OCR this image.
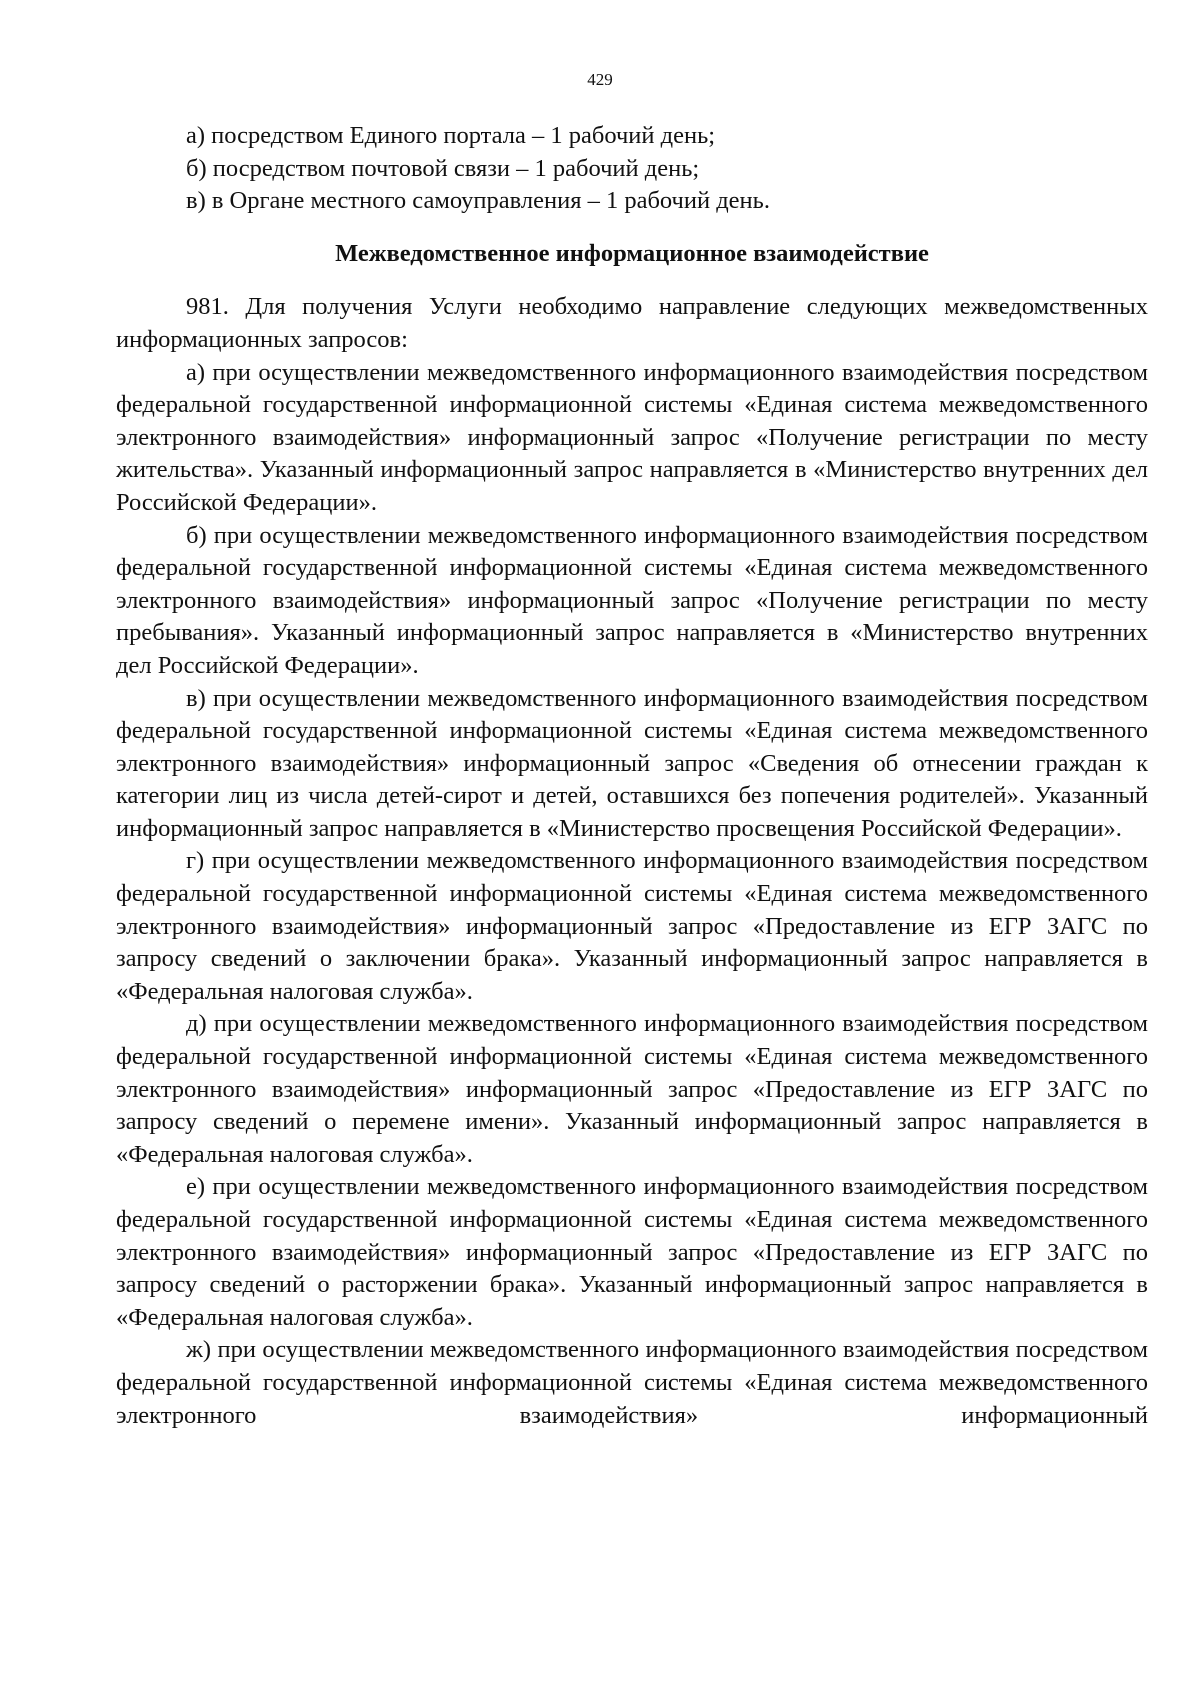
429

а) посредством Единого портала – 1 рабочий день;

б) посредством почтовой связи – 1 рабочий день;

в) в Органе местного самоуправления – 1 рабочий день.

Межведомственное информационное взаимодействие

981. Для получения Услуги необходимо направление следующих межведомственных информационных запросов:

а) при осуществлении межведомственного информационного взаимодействия посредством федеральной государственной информационной системы «Единая система межведомственного электронного взаимодействия» информационный запрос «Получение регистрации по месту жительства». Указанный информационный запрос направляется в «Министерство внутренних дел Российской Федерации».

б) при осуществлении межведомственного информационного взаимодействия посредством федеральной государственной информационной системы «Единая система межведомственного электронного взаимодействия» информационный запрос «Получение регистрации по месту пребывания». Указанный информационный запрос направляется в «Министерство внутренних дел Российской Федерации».

в) при осуществлении межведомственного информационного взаимодействия посредством федеральной государственной информационной системы «Единая система межведомственного электронного взаимодействия» информационный запрос «Сведения об отнесении граждан к категории лиц из числа детей-сирот и детей, оставшихся без попечения родителей». Указанный информационный запрос направляется в «Министерство просвещения Российской Федерации».

г) при осуществлении межведомственного информационного взаимодействия посредством федеральной государственной информационной системы «Единая система межведомственного электронного взаимодействия» информационный запрос «Предоставление из ЕГР ЗАГС по запросу сведений о заключении брака». Указанный информационный запрос направляется в «Федеральная налоговая служба».

д) при осуществлении межведомственного информационного взаимодействия посредством федеральной государственной информационной системы «Единая система межведомственного электронного взаимодействия» информационный запрос «Предоставление из ЕГР ЗАГС по запросу сведений о перемене имени». Указанный информационный запрос направляется в «Федеральная налоговая служба».

е) при осуществлении межведомственного информационного взаимодействия посредством федеральной государственной информационной системы «Единая система межведомственного электронного взаимодействия» информационный запрос «Предоставление из ЕГР ЗАГС по запросу сведений о расторжении брака». Указанный информационный запрос направляется в «Федеральная налоговая служба».

ж) при осуществлении межведомственного информационного взаимодействия посредством федеральной государственной информационной системы «Единая система межведомственного электронного взаимодействия» информационный
